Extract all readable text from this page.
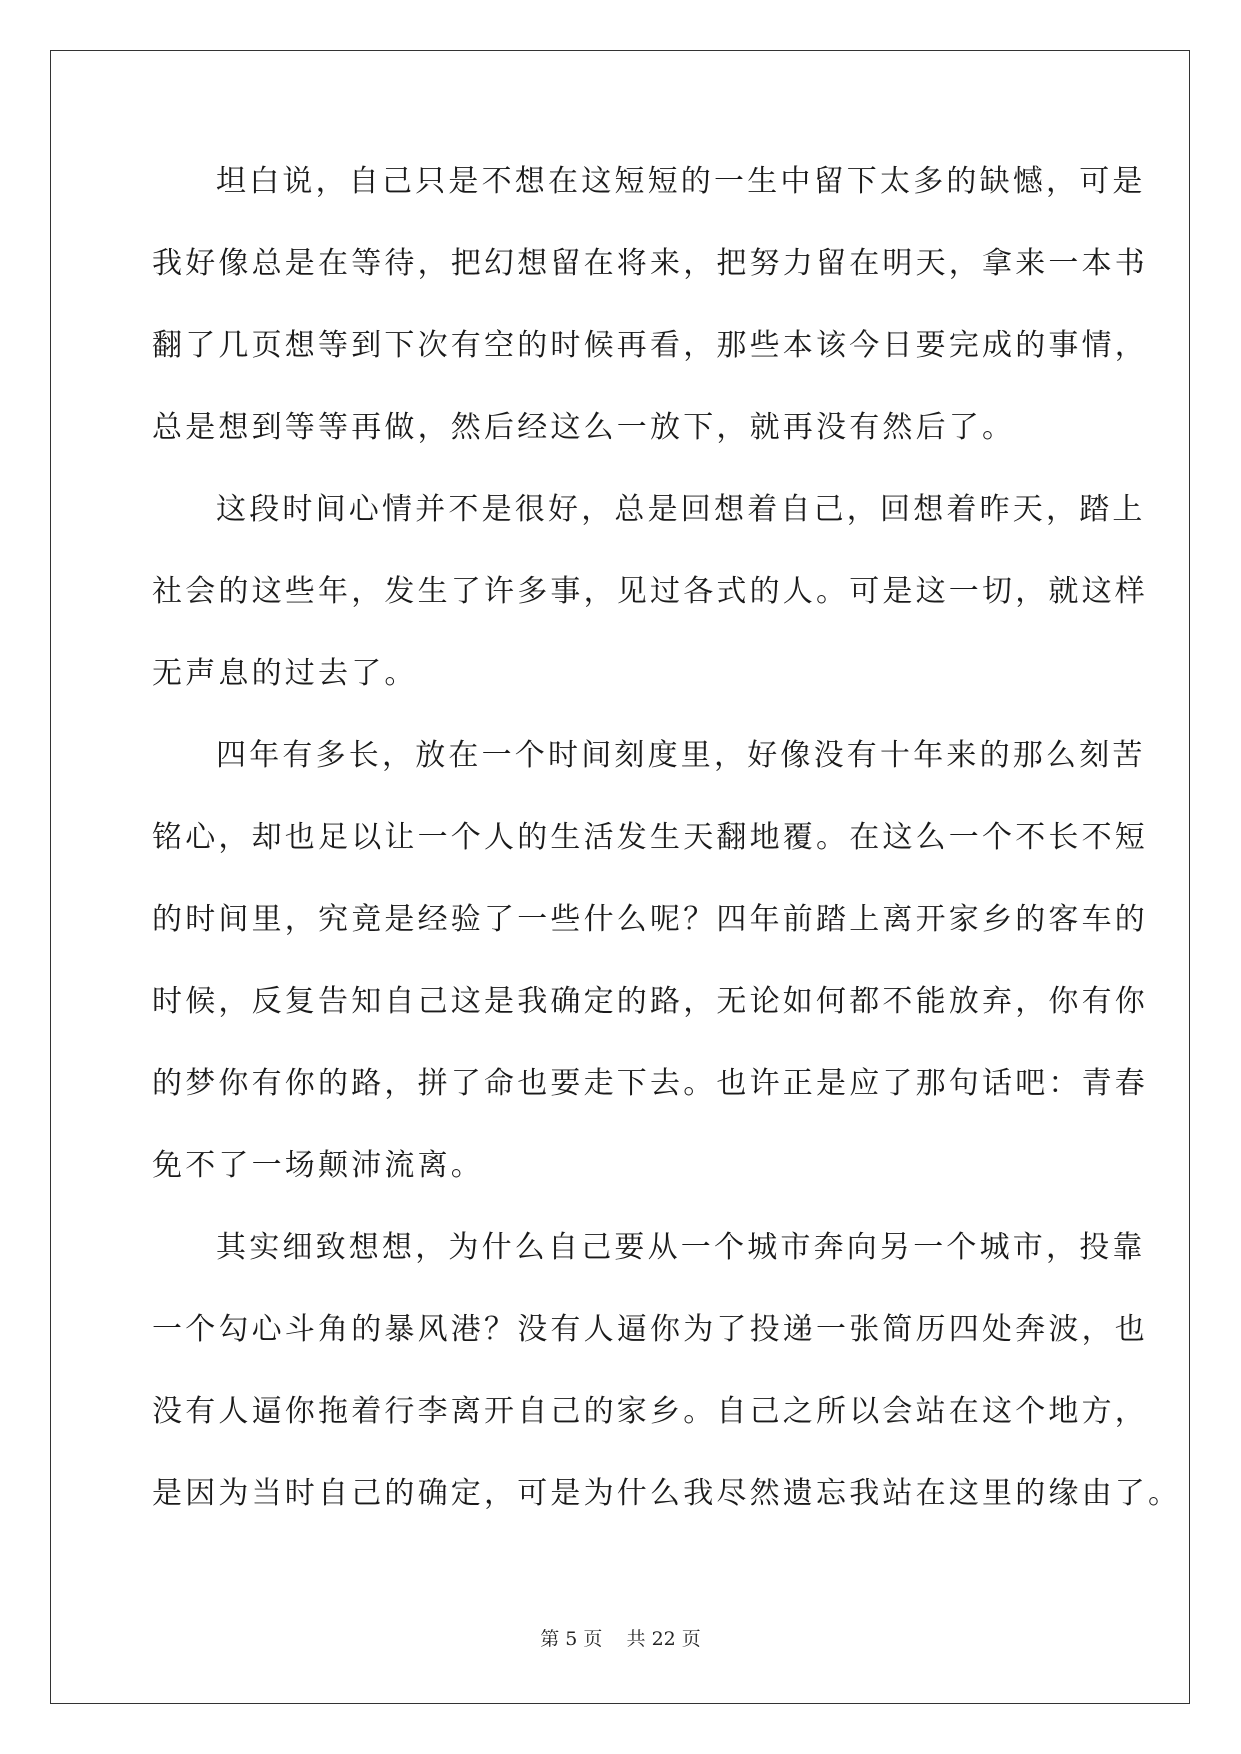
坦白说，自己只是不想在这短短的一生中留下太多的缺憾，可是
我好像总是在等待，把幻想留在将来，把努力留在明天，拿来一本书
翻了几页想等到下次有空的时候再看，那些本该今日要完成的事情，
总是想到等等再做，然后经这么一放下，就再没有然后了。
这段时间心情并不是很好，总是回想着自己，回想着昨天，踏上
社会的这些年，发生了许多事，见过各式的人。可是这一切，就这样
无声息的过去了。
四年有多长，放在一个时间刻度里，好像没有十年来的那么刻苦
铭心，却也足以让一个人的生活发生天翻地覆。在这么一个不长不短
的时间里，究竟是经验了一些什么呢？四年前踏上离开家乡的客车的
时候，反复告知自己这是我确定的路，无论如何都不能放弃，你有你
的梦你有你的路，拼了命也要走下去。也许正是应了那句话吧：青春
免不了一场颠沛流离。
其实细致想想，为什么自己要从一个城市奔向另一个城市，投靠
一个勾心斗角的暴风港？没有人逼你为了投递一张简历四处奔波，也
没有人逼你拖着行李离开自己的家乡。自己之所以会站在这个地方，
是因为当时自己的确定，可是为什么我尽然遗忘我站在这里的缘由了。
第 5 页    共 22 页
